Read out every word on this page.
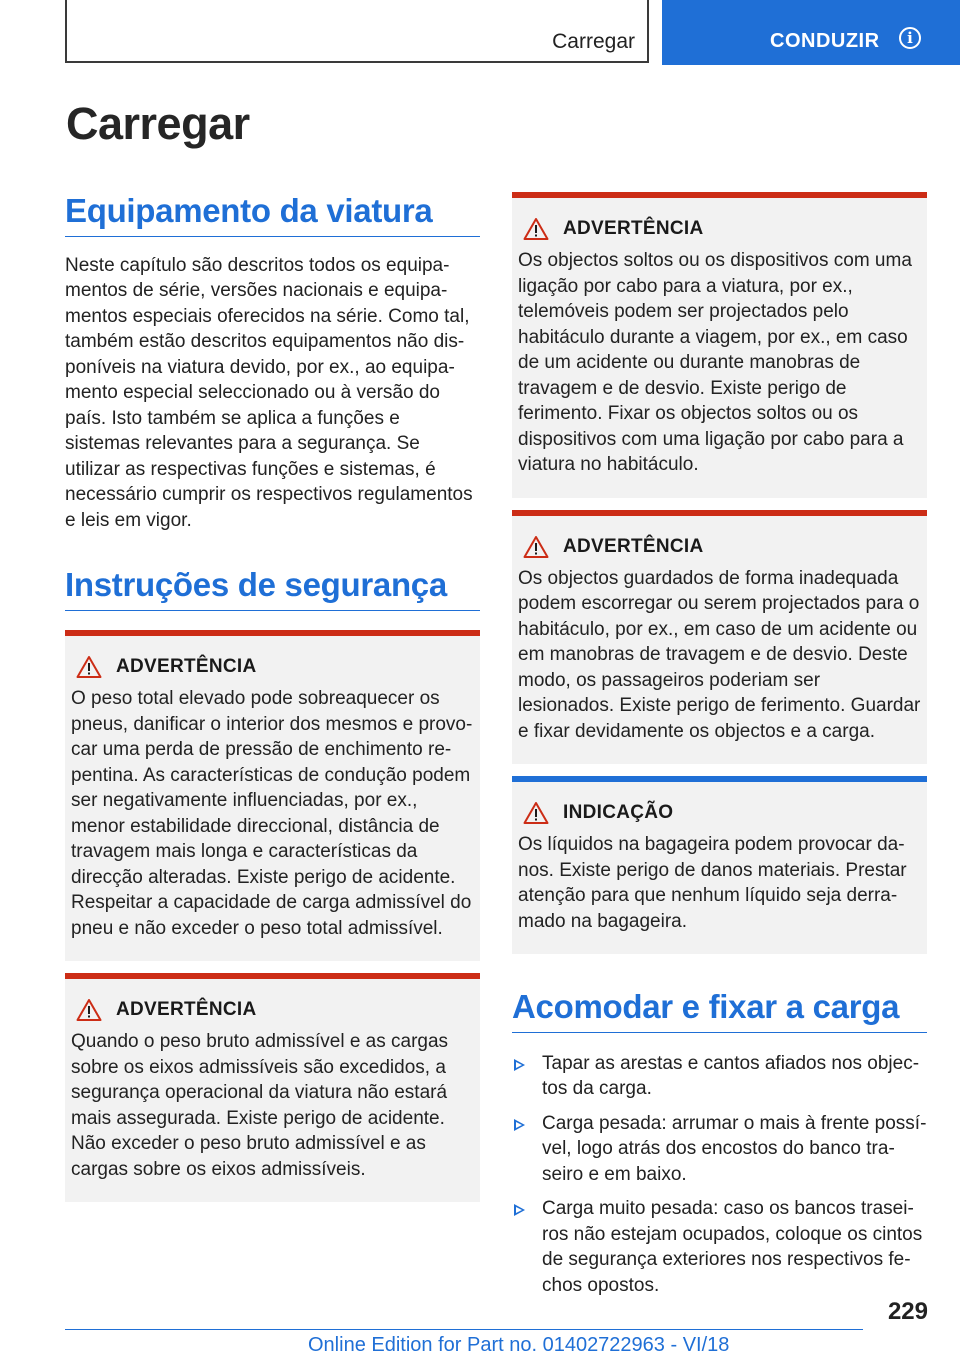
Carregar	CONDUZIR	i
Carregar
Equipamento da viatura

Neste capítulo são descritos todos os equipamentos de série, versões nacionais e equipamentos especiais oferecidos na série. Como tal, também estão descritos equipamentos não disponíveis na viatura devido, por ex., ao equipamento especial seleccionado ou à versão do país. Isto também se aplica a funções e sistemas relevantes para a segurança. Se utilizar as respectivas funções e sistemas, é necessário cumprir os respectivos regulamentos e leis em vigor.

Instruções de segurança
ADVERTÊNCIA

O peso total elevado pode sobreaquecer os pneus, danificar o interior dos mesmos e provocar uma perda de pressão de enchimento repentina. As características de condução podem ser negativamente influenciadas, por ex., menor estabilidade direccional, distância de travagem mais longa e características da direcção alteradas. Existe perigo de acidente. Respeitar a capacidade de carga admissível do pneu e não exceder o peso total admissível.

ADVERTÊNCIA

Quando o peso bruto admissível e as cargas sobre os eixos admissíveis são excedidos, a segurança operacional da viatura não estará mais assegurada. Existe perigo de acidente. Não exceder o peso bruto admissível e as cargas sobre os eixos admissíveis.

ADVERTÊNCIA

Os objectos soltos ou os dispositivos com uma ligação por cabo para a viatura, por ex., telemóveis podem ser projectados pelo habitáculo durante a viagem, por ex., em caso de um acidente ou durante manobras de travagem e de desvio. Existe perigo de ferimento. Fixar os objectos soltos ou os dispositivos com uma ligação por cabo para a viatura no habitáculo.

ADVERTÊNCIA

Os objectos guardados de forma inadequada podem escorregar ou serem projectados para o habitáculo, por ex., em caso de um acidente ou em manobras de travagem e de desvio. Deste modo, os passageiros poderiam ser lesionados. Existe perigo de ferimento. Guardar e fixar devidamente os objectos e a carga.

INDICAÇÃO

Os líquidos na bagageira podem provocar danos. Existe perigo de danos materiais. Prestar atenção para que nenhum líquido seja derramado na bagageira.

Acomodar e fixar a carga
Tapar as arestas e cantos afiados nos objectos da carga.
Carga pesada: arrumar o mais à frente possível, logo atrás dos encostos do banco traseiro e em baixo.
Carga muito pesada: caso os bancos traseiros não estejam ocupados, coloque os cintos de segurança exteriores nos respectivos fechos opostos.
229
Online Edition for Part no. 01402722963 - VI/18
